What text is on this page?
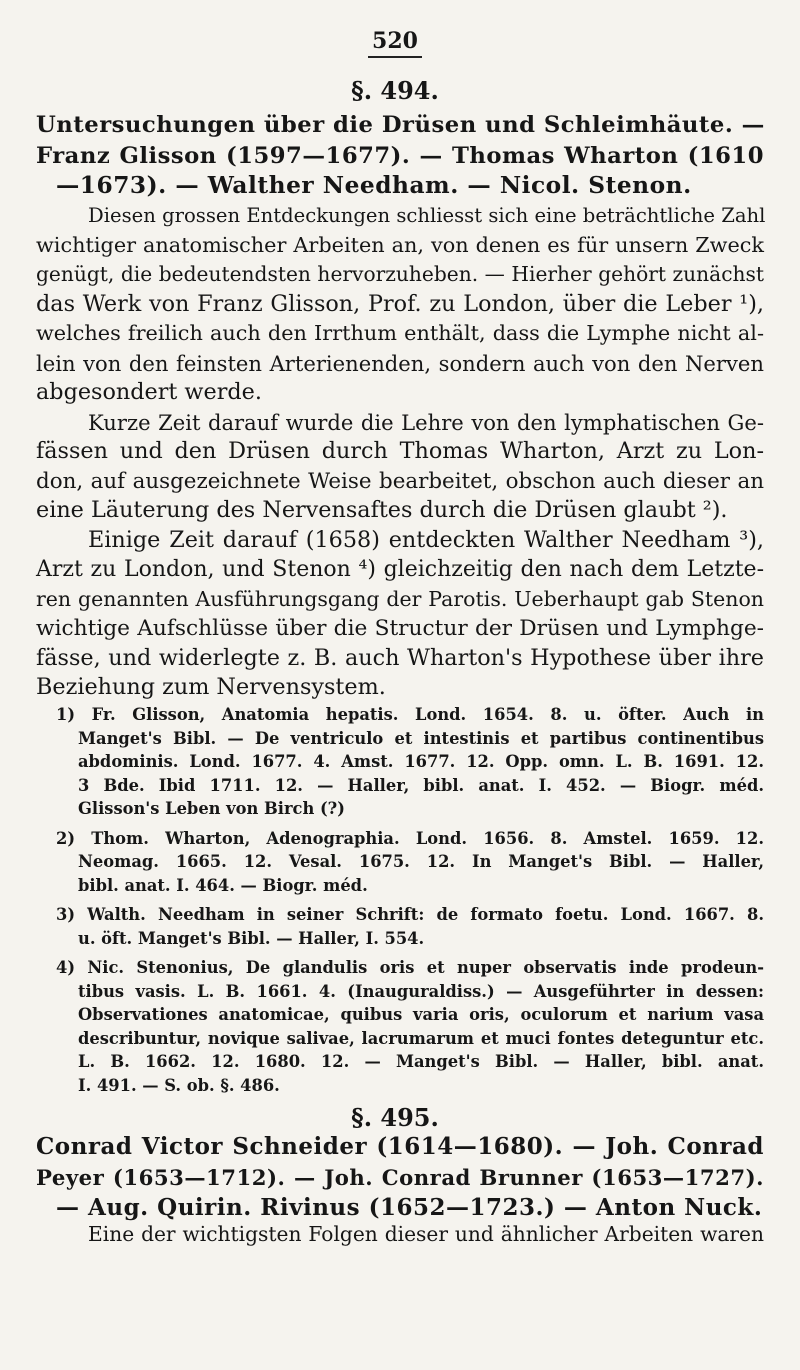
520
§. 494.
Untersuchungen über die Drüsen und Schleimhäute. —
Franz Glisson (1597—1677). — Thomas Wharton (1610
—1673). — Walther Needham. — Nicol. Stenon.
Diesen grossen Entdeckungen schliesst sich eine beträchtliche Zahl
wichtiger anatomischer Arbeiten an, von denen es für unsern Zweck
genügt, die bedeutendsten hervorzuheben. — Hierher gehört zunächst
das Werk von Franz Glisson, Prof. zu London, über die Leber ¹),
welches freilich auch den Irrthum enthält, dass die Lymphe nicht al-
lein von den feinsten Arterienenden, sondern auch von den Nerven
abgesondert werde.
Kurze Zeit darauf wurde die Lehre von den lymphatischen Ge-
fässen und den Drüsen durch Thomas Wharton, Arzt zu Lon-
don, auf ausgezeichnete Weise bearbeitet, obschon auch dieser an
eine Läuterung des Nervensaftes durch die Drüsen glaubt ²).
Einige Zeit darauf (1658) entdeckten Walther Needham ³),
Arzt zu London, und Stenon ⁴) gleichzeitig den nach dem Letzte-
ren genannten Ausführungsgang der Parotis. Ueberhaupt gab Stenon
wichtige Aufschlüsse über die Structur der Drüsen und Lymphge-
fässe, und widerlegte z. B. auch Wharton's Hypothese über ihre
Beziehung zum Nervensystem.
1) Fr. Glisson, Anatomia hepatis. Lond. 1654. 8. u. öfter. Auch in
Manget's Bibl. — De ventriculo et intestinis et partibus continentibus
abdominis. Lond. 1677. 4. Amst. 1677. 12. Opp. omn. L. B. 1691. 12.
3 Bde. Ibid 1711. 12. — Haller, bibl. anat. I. 452. — Biogr. méd.
Glisson's Leben von Birch (?)
2) Thom. Wharton, Adenographia. Lond. 1656. 8. Amstel. 1659. 12.
Neomag. 1665. 12. Vesal. 1675. 12. In Manget's Bibl. — Haller,
bibl. anat. I. 464. — Biogr. méd.
3) Walth. Needham in seiner Schrift: de formato foetu. Lond. 1667. 8.
u. öft. Manget's Bibl. — Haller, I. 554.
4) Nic. Stenonius, De glandulis oris et nuper observatis inde prodeun-
tibus vasis. L. B. 1661. 4. (Inauguraldiss.) — Ausgeführter in dessen:
Observationes anatomicae, quibus varia oris, oculorum et narium vasa
describuntur, novique salivae, lacrumarum et muci fontes deteguntur etc.
L. B. 1662. 12. 1680. 12. — Manget's Bibl. — Haller, bibl. anat.
I. 491. — S. ob. §. 486.
§. 495.
Conrad Victor Schneider (1614—1680). — Joh. Conrad
Peyer (1653—1712). — Joh. Conrad Brunner (1653—1727).
— Aug. Quirin. Rivinus (1652—1723.) — Anton Nuck.
Eine der wichtigsten Folgen dieser und ähnlicher Arbeiten waren
